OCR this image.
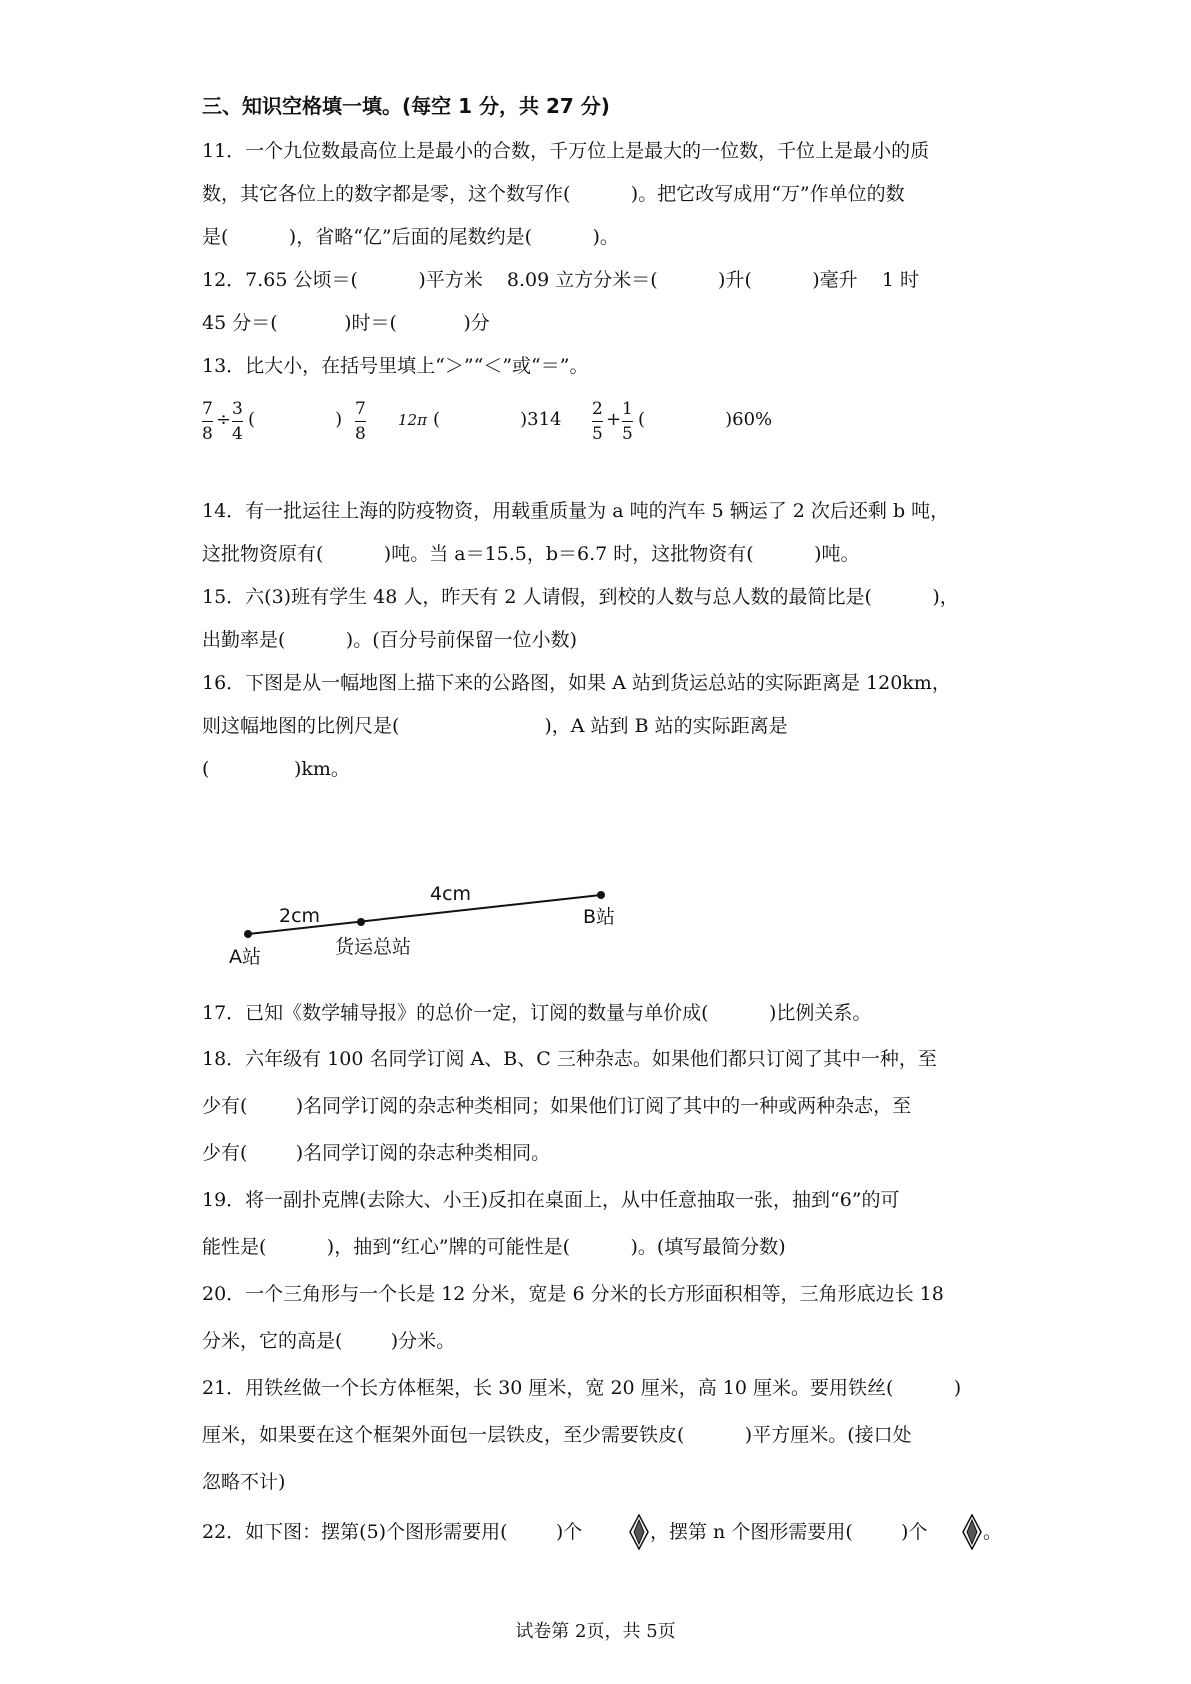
三、知识空格填一填。(每空 1 分，共 27 分)
11．一个九位数最高位上是最小的合数，千万位上是最大的一位数，千位上是最小的质
数，其它各位上的数字都是零，这个数写作(          )。把它改写成用“万”作单位的数
是(          )，省略“亿”后面的尾数约是(          )。
12．7.65 公顷＝(          )平方米    8.09 立方分米＝(          )升(          )毫升    1 时
45 分＝(           )时＝(           )分
13．比大小，在括号里填上“＞”“＜”或“＝”。
7
8
÷ 3
4
(              ) 7
8
12π (              )314 2
5
+ 1
5
(              )60%
14．有一批运往上海的防疫物资，用载重质量为 a 吨的汽车 5 辆运了 2 次后还剩 b 吨，
这批物资原有(          )吨。当 a＝15.5，b＝6.7 时，这批物资有(          )吨。
15．六(3)班有学生 48 人，昨天有 2 人请假，到校的人数与总人数的最简比是(          )，
出勤率是(          )。(百分号前保留一位小数)
16．下图是从一幅地图上描下来的公路图，如果 A 站到货运总站的实际距离是 120km，
则这幅地图的比例尺是(                        )，A 站到 B 站的实际距离是
(              )km。
2cm
4cm
A站	货运总站
B站
17．已知《数学辅导报》的总价一定，订阅的数量与单价成(          )比例关系。
18．六年级有 100 名同学订阅 A、B、C 三种杂志。如果他们都只订阅了其中一种，至
少有(        )名同学订阅的杂志种类相同；如果他们订阅了其中的一种或两种杂志，至
少有(        )名同学订阅的杂志种类相同。
19．将一副扑克牌(去除大、小王)反扣在桌面上，从中任意抽取一张，抽到“6”的可
能性是(          )，抽到“红心”牌的可能性是(          )。(填写最简分数)
20．一个三角形与一个长是 12 分米，宽是 6 分米的长方形面积相等，三角形底边长 18
分米，它的高是(        )分米。
21．用铁丝做一个长方体框架，长 30 厘米，宽 20 厘米，高 10 厘米。要用铁丝(          )
厘米，如果要在这个框架外面包一层铁皮，至少需要铁皮(          )平方厘米。(接口处
忽略不计)
22．如下图：摆第(5)个图形需要用(        )个	，摆第 n 个图形需要用(        )个	。
试卷第 2页，共 5页
